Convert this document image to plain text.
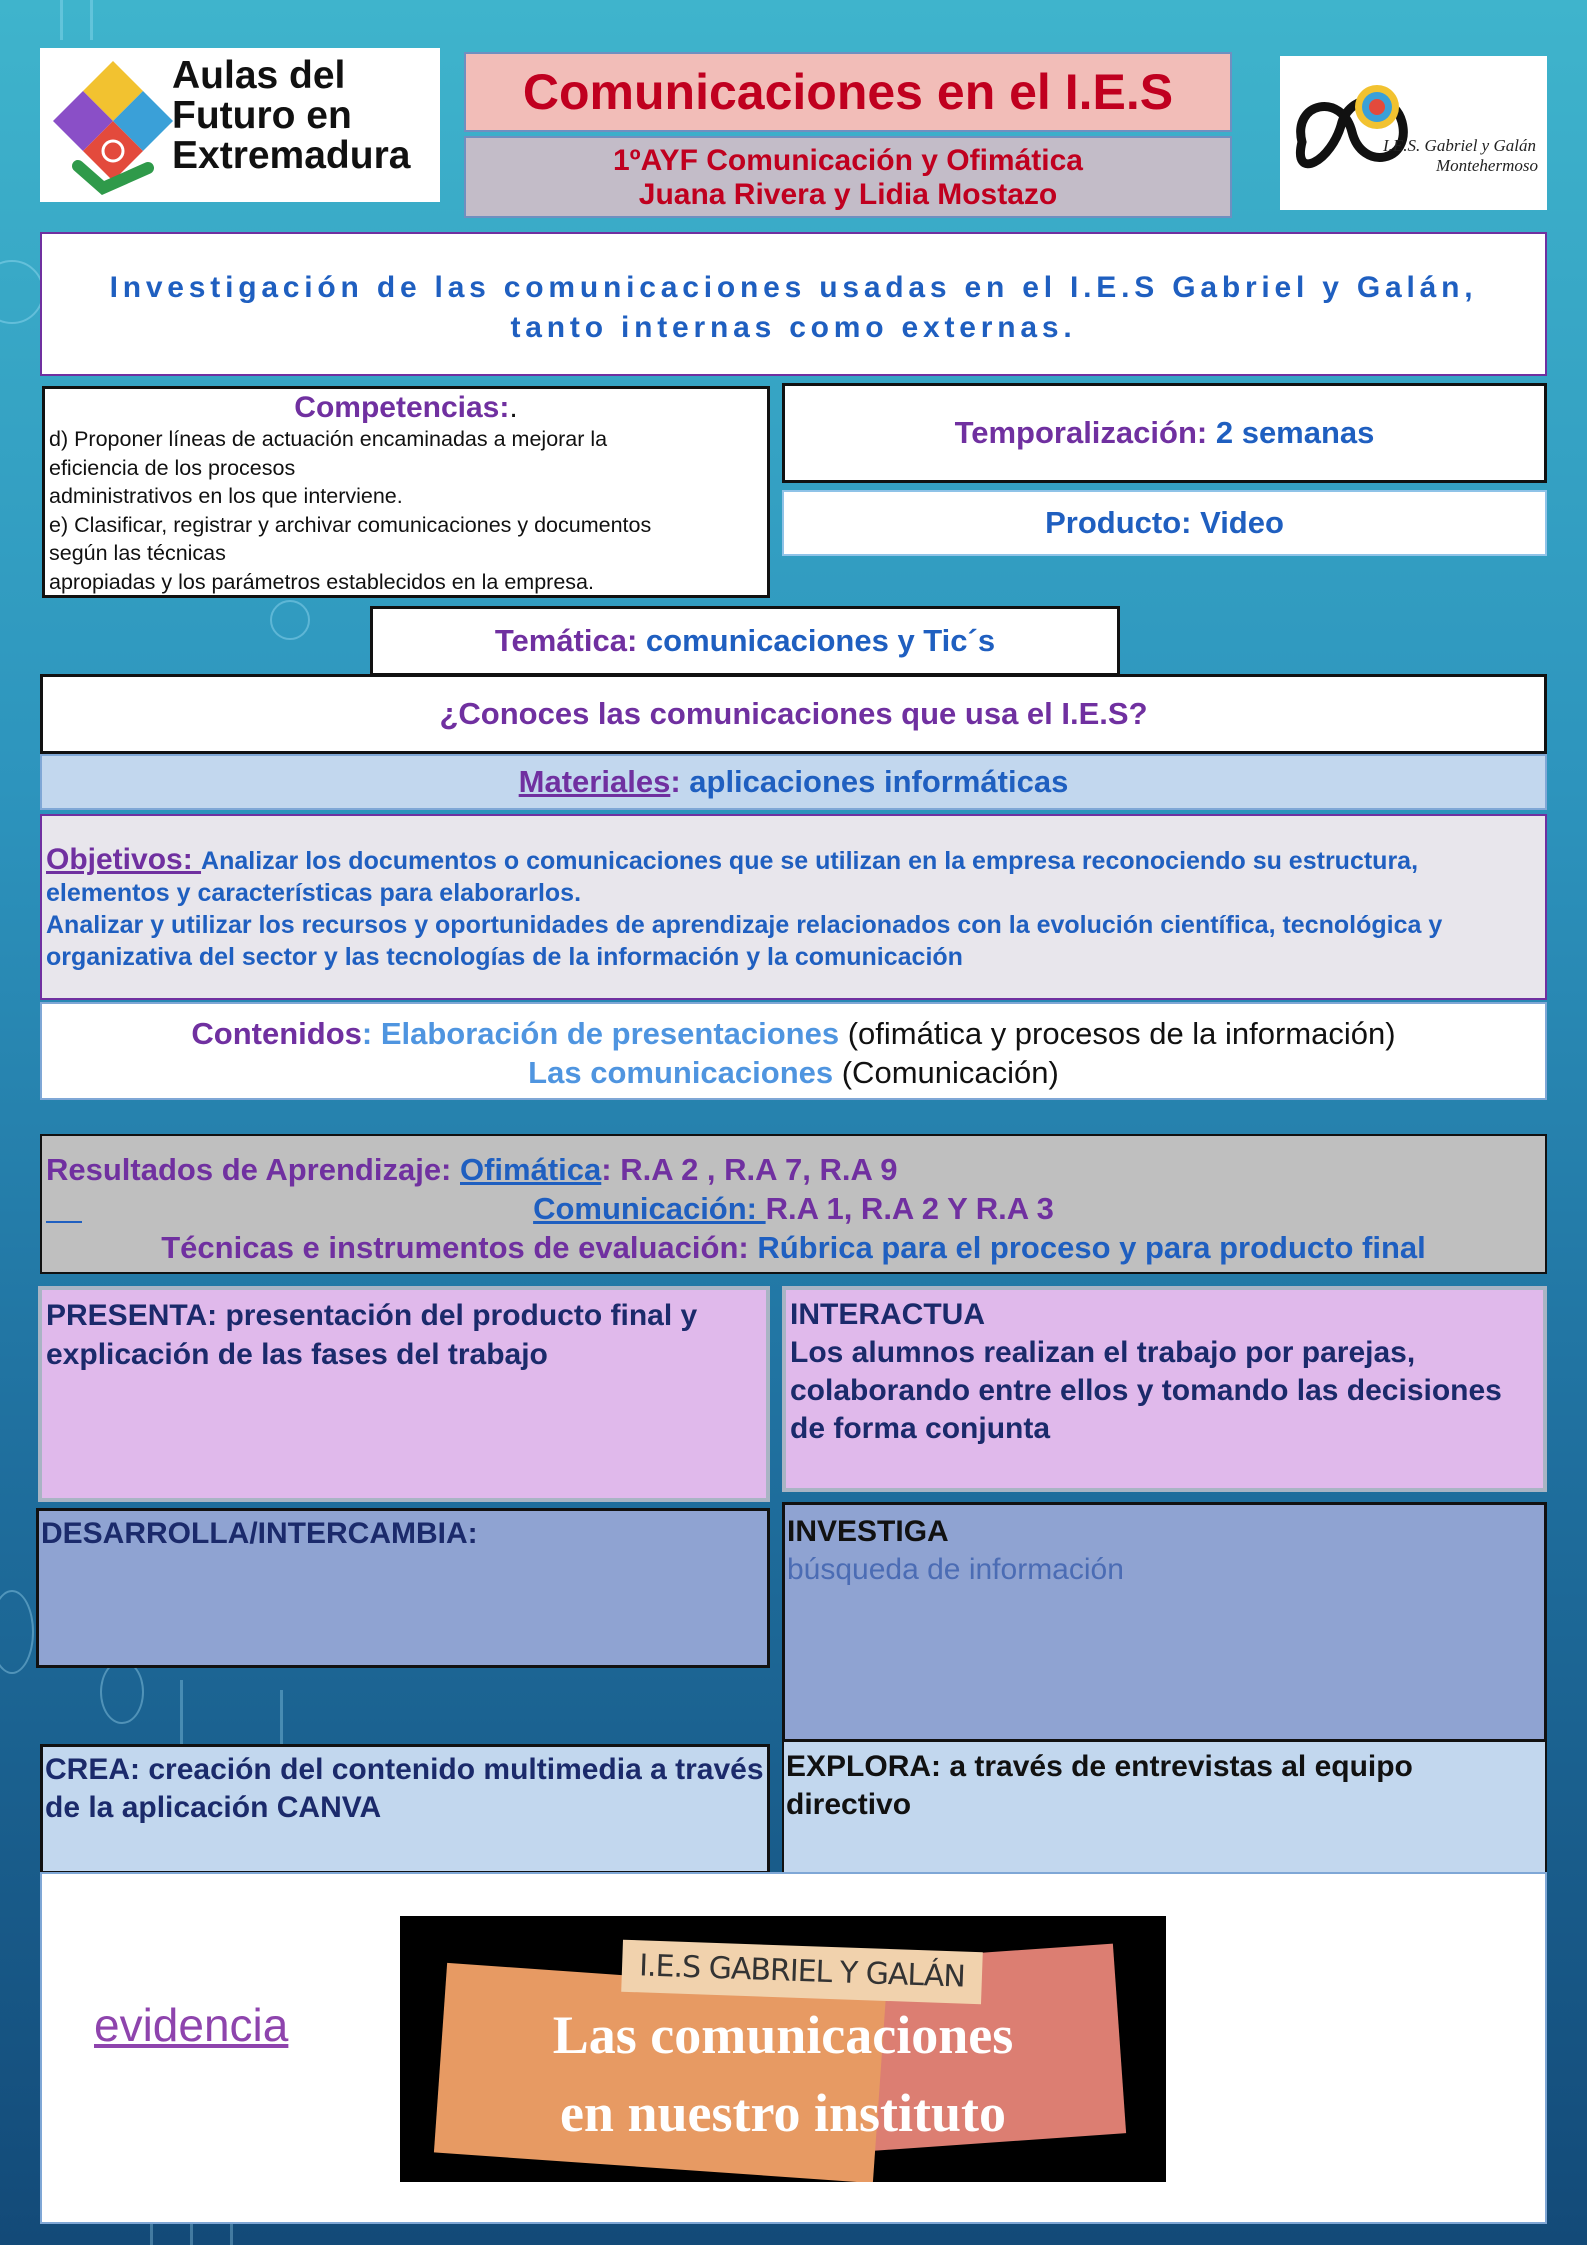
Aulas del
Futuro en
Extremadura
Comunicaciones en el I.E.S
1ºAYF Comunicación y Ofimática
Juana Rivera y Lidia Mostazo
I.E.S. Gabriel y Galán
Montehermoso
Investigación de las comunicaciones usadas en el I.E.S Gabriel y Galán, tanto internas como externas.
Competencias:.
d) Proponer líneas de actuación encaminadas a mejorar la
eficiencia de los procesos
administrativos en los que interviene.
e) Clasificar, registrar y archivar comunicaciones y documentos
según las técnicas
apropiadas y los parámetros establecidos en la empresa.
Temporalización: 2 semanas
Producto: Video
Temática: comunicaciones y Tic´s
¿Conoces las comunicaciones que usa el I.E.S?
Materiales: aplicaciones informáticas
Objetivos: Analizar los documentos o comunicaciones que se utilizan en la empresa reconociendo su estructura, elementos y características para elaborarlos.
Analizar y utilizar los recursos y oportunidades de aprendizaje relacionados con la evolución científica, tecnológica y organizativa del sector y las tecnologías de la información y la comunicación
Contenidos: Elaboración de presentaciones (ofimática y procesos de la información)
Las comunicaciones (Comunicación)
Resultados de Aprendizaje: Ofimática: R.A 2 , R.A 7, R.A 9
Comunicación: R.A 1, R.A 2 Y R.A 3
Técnicas e instrumentos de evaluación: Rúbrica para el proceso y para producto final
PRESENTA: presentación del producto final y explicación de las fases del trabajo
INTERACTUA
Los alumnos realizan el trabajo por parejas, colaborando entre ellos y tomando las decisiones de forma conjunta
DESARROLLA/INTERCAMBIA:	INVESTIGA
búsqueda de información
CREA: creación del contenido multimedia a través de la aplicación CANVA
EXPLORA: a través de entrevistas al equipo directivo
evidencia
I.E.S GABRIEL Y GALÁN
Las comunicaciones
en nuestro instituto
